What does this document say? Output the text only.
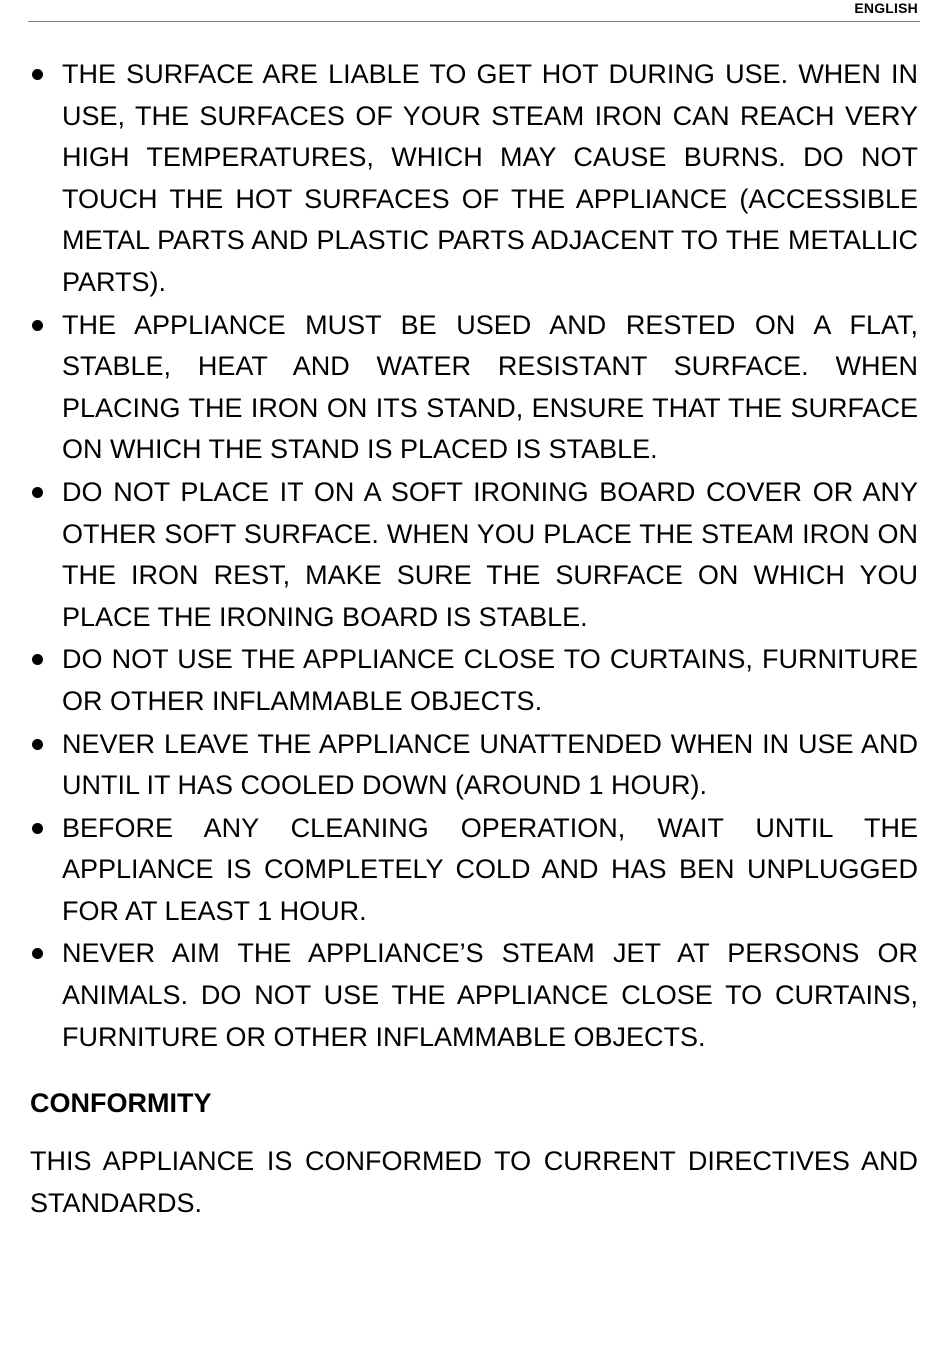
ENGLISH
THE SURFACE ARE LIABLE TO GET HOT DURING USE. WHEN IN USE, THE SURFACES OF YOUR STEAM IRON CAN REACH VERY HIGH TEMPERATURES, WHICH MAY CAUSE BURNS. DO NOT TOUCH THE HOT SURFACES OF THE APPLIANCE (ACCESSIBLE METAL PARTS AND PLASTIC PARTS ADJACENT TO THE METALLIC PARTS).
THE APPLIANCE MUST BE USED AND RESTED ON A FLAT, STABLE, HEAT AND WATER RESISTANT SURFACE. WHEN PLACING THE IRON ON ITS STAND, ENSURE THAT THE SURFACE ON WHICH THE STAND IS PLACED IS STABLE.
DO NOT PLACE IT ON A SOFT IRONING BOARD COVER OR ANY OTHER SOFT SURFACE. WHEN YOU PLACE THE STEAM IRON ON THE IRON REST, MAKE SURE THE SURFACE ON WHICH YOU PLACE THE IRONING BOARD IS STABLE.
DO NOT USE THE APPLIANCE CLOSE TO CURTAINS, FURNITURE OR OTHER INFLAMMABLE OBJECTS.
NEVER LEAVE THE APPLIANCE UNATTENDED WHEN IN USE AND UNTIL IT HAS COOLED DOWN (AROUND 1 HOUR).
BEFORE ANY CLEANING OPERATION, WAIT UNTIL THE APPLIANCE IS COMPLETELY COLD AND HAS BEN UNPLUGGED FOR AT LEAST 1 HOUR.
NEVER AIM THE APPLIANCE’S STEAM JET AT PERSONS OR ANIMALS. DO NOT USE THE APPLIANCE CLOSE TO CURTAINS, FURNITURE OR OTHER INFLAMMABLE OBJECTS.
CONFORMITY

THIS APPLIANCE IS CONFORMED TO CURRENT DIRECTIVES AND STANDARDS.
